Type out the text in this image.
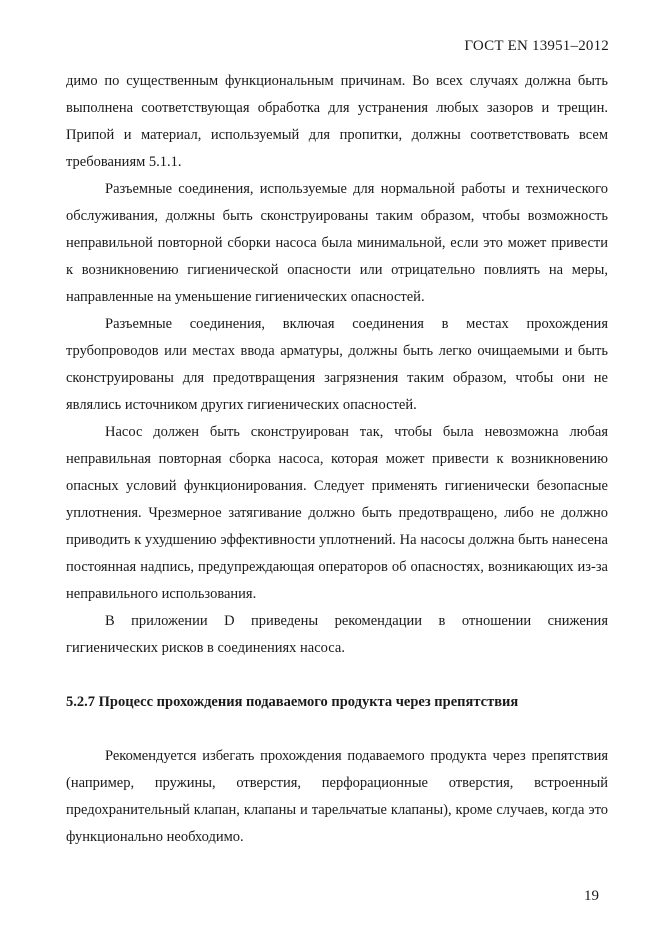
ГОСТ EN 13951–2012

димо по существенным функциональным причинам. Во всех случаях должна быть выполнена соответствующая обработка для устранения любых зазоров и трещин. Припой и материал, используемый для пропитки, должны соответствовать всем требованиям 5.1.1.

Разъемные соединения, используемые для нормальной работы и технического обслуживания, должны быть сконструированы таким образом, чтобы возможность неправильной повторной сборки насоса была минимальной, если это может привести к возникновению гигиенической опасности или отрицательно повлиять на меры, направленные на уменьшение гигиенических опасностей.

Разъемные соединения, включая соединения в местах прохождения трубопроводов или местах ввода арматуры, должны быть легко очищаемыми и быть сконструированы для предотвращения загрязнения таким образом, чтобы они не являлись источником других гигиенических опасностей.

Насос должен быть сконструирован так, чтобы была невозможна любая неправильная повторная сборка насоса, которая может привести к возникновению опасных условий функционирования. Следует применять гигиенически безопасные уплотнения. Чрезмерное затягивание должно быть предотвращено, либо не должно приводить к ухудшению эффективности уплотнений. На насосы должна быть нанесена постоянная надпись, предупреждающая операторов об опасностях, возникающих из-за неправильного использования.

В приложении D приведены рекомендации в отношении снижения гигиенических рисков в соединениях насоса.

5.2.7 Процесс прохождения подаваемого продукта через препятствия

Рекомендуется избегать прохождения подаваемого продукта через препятствия (например, пружины, отверстия, перфорационные отверстия, встроенный предохранительный клапан, клапаны и тарельчатые клапаны), кроме случаев, когда это функционально необходимо.

19
